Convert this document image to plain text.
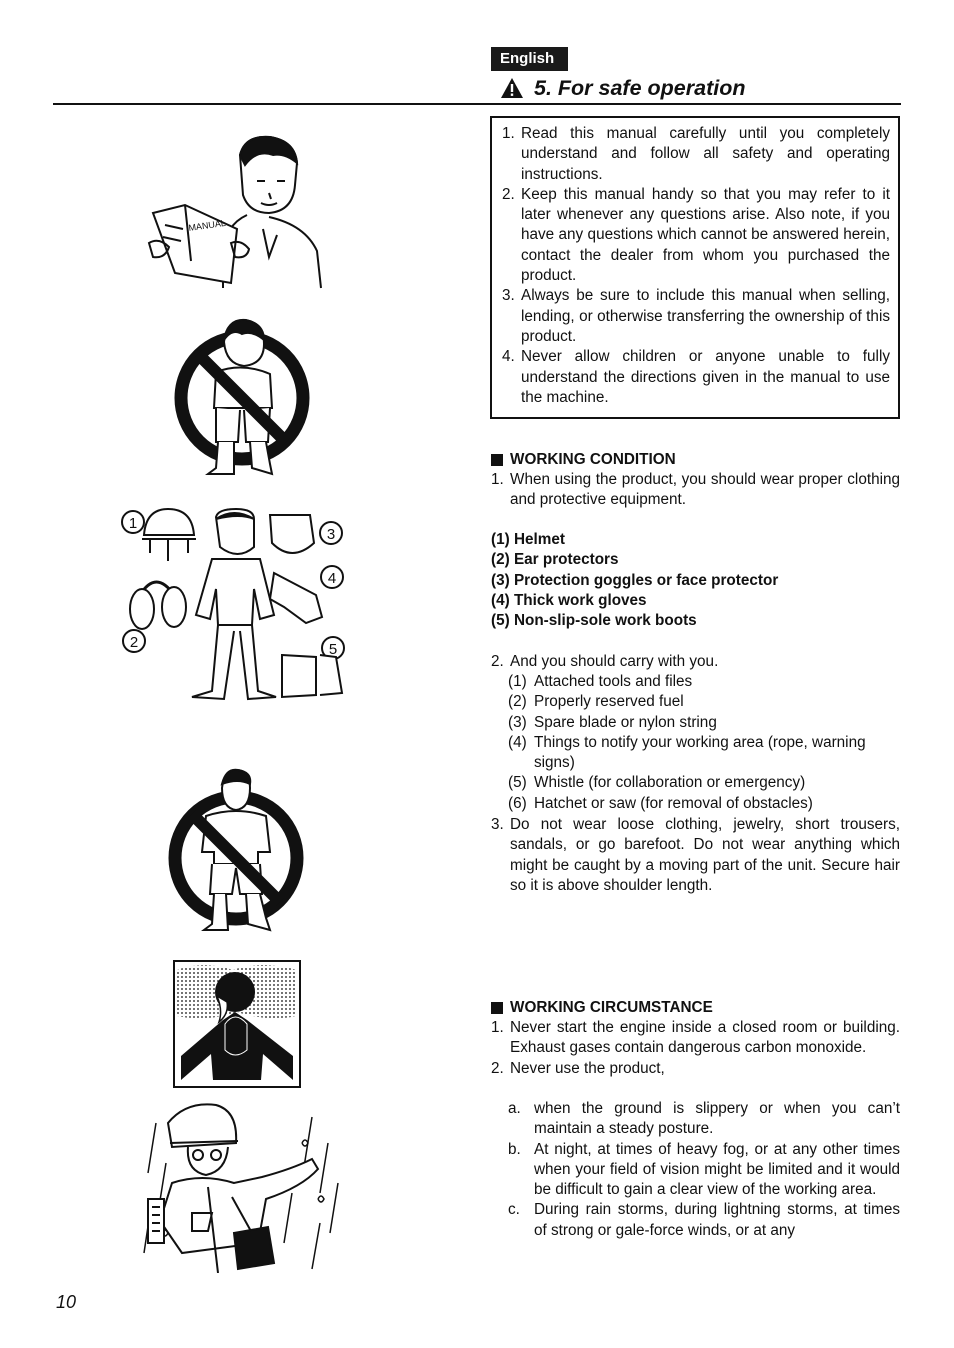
English
5. For safe operation
1. Read this manual carefully until you completely understand and follow all safety and operating instructions.
2. Keep this manual handy so that you may refer to it later whenever any questions arise. Also note, if you have any questions which cannot be answered herein, contact the dealer from whom you purchased the product.
3. Always be sure to include this manual when selling, lending, or otherwise transferring the ownership of this product.
4. Never allow children or anyone unable to fully understand the directions given in the manual to use the machine.
WORKING CONDITION
1. When using the product, you should wear proper clothing and protective equipment.
(1) Helmet
(2) Ear protectors
(3) Protection goggles or face protector
(4) Thick work gloves
(5) Non-slip-sole work boots
2. And you should carry with you.
(1) Attached tools and files
(2) Properly reserved fuel
(3) Spare blade or nylon string
(4) Things to notify your working area (rope, warning signs)
(5) Whistle (for collaboration or emergency)
(6) Hatchet or saw (for removal of obstacles)
3. Do not wear loose clothing, jewelry, short trousers, sandals, or go barefoot. Do not wear anything which might be caught by a moving part of the unit. Secure hair so it is above shoulder length.
WORKING CIRCUMSTANCE
1. Never start the engine inside a closed room or building. Exhaust gases contain dangerous carbon monoxide.
2. Never use the product,
a. when the ground is slippery or when you can’t maintain a steady posture.
b. At night, at times of heavy fog, or at any other times when your field of vision might be limited and it would be difficult to gain a clear view of the working area.
c. During rain storms, during lightning storms, at times of strong or gale-force winds, or at any
10
MANUAL
1
2
3
4
5
